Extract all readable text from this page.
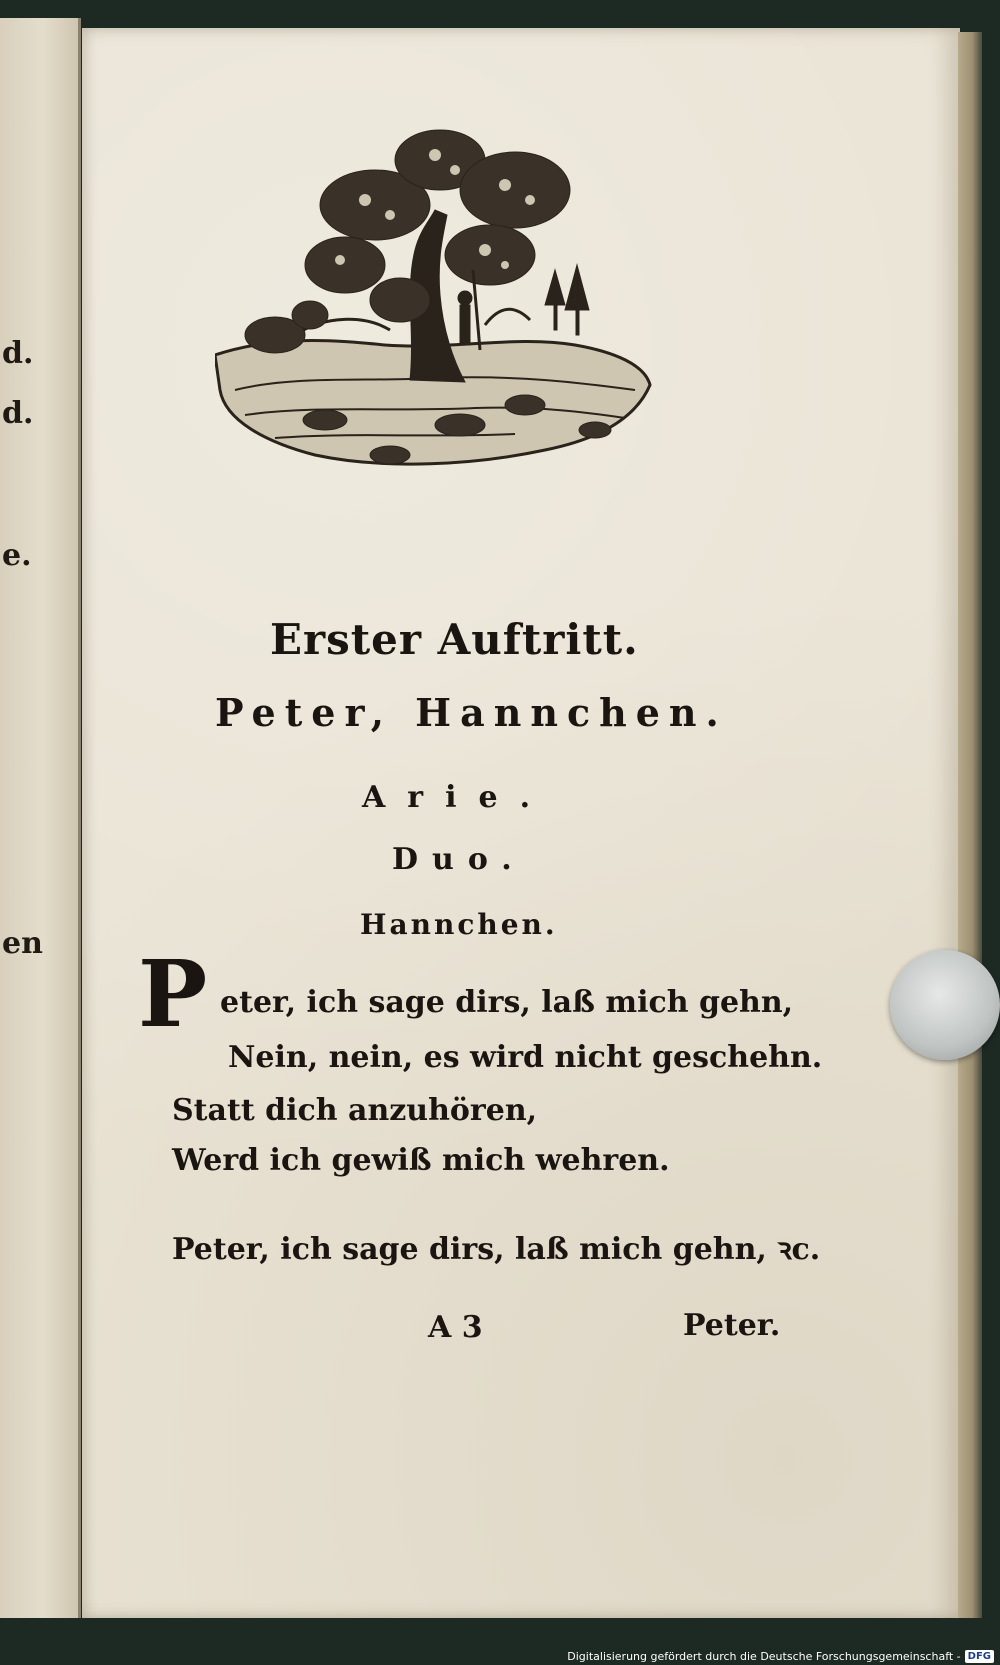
d.
d.
e.
en
Erster Auftritt.
Peter, Hannchen.
Arie.
Duo.
Hannchen.
P eter, ich sage dirs, laß mich gehn,
Nein, nein, es wird nicht geschehn.
Statt dich anzuhören,
Werd ich gewiß mich wehren.
Peter, ich sage dirs, laß mich gehn, ꝛc.
A 3	Peter.
Digitalisierung gefördert durch die Deutsche Forschungsgemeinschaft - DFG
